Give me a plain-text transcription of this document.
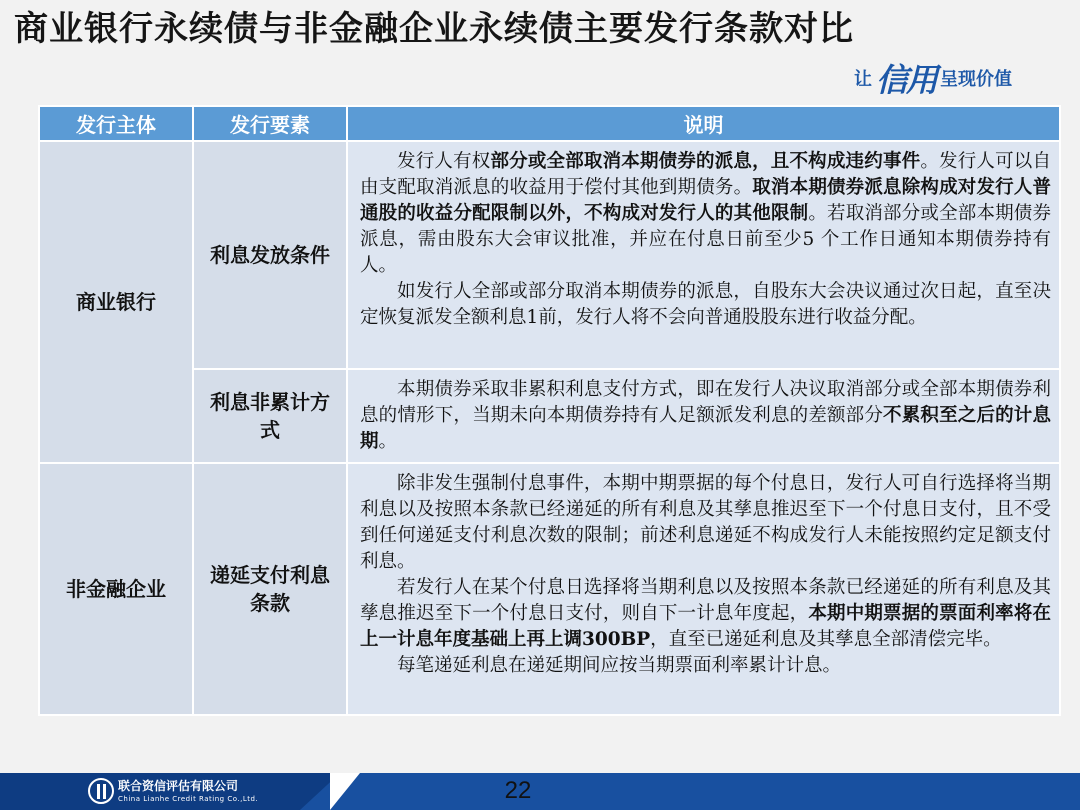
商业银行永续债与非金融企业永续债主要发行条款对比
让 信用 呈现价值
发行主体	发行要素	说明
商业银行	利息发放条件	发行人有权部分或全部取消本期债券的派息，且不构成违约事件。发行人可以自由支配取消派息的收益用于偿付其他到期债务。取消本期债券派息除构成对发行人普通股的收益分配限制以外，不构成对发行人的其他限制。若取消部分或全部本期债券派息，需由股东大会审议批准，并应在付息日前至少5 个工作日通知本期债券持有人。

如发行人全部或部分取消本期债券的派息，自股东大会决议通过次日起，直至决定恢复派发全额利息1前，发行人将不会向普通股股东进行收益分配。

	利息非累计方式	本期债券采取非累积利息支付方式，即在发行人决议取消部分或全部本期债券利息的情形下，当期未向本期债券持有人足额派发利息的差额部分不累积至之后的计息期。

非金融企业	递延支付利息条款	除非发生强制付息事件，本期中期票据的每个付息日，发行人可自行选择将当期利息以及按照本条款已经递延的所有利息及其孳息推迟至下一个付息日支付，且不受到任何递延支付利息次数的限制；前述利息递延不构成发行人未能按照约定足额支付利息。

若发行人在某个付息日选择将当期利息以及按照本条款已经递延的所有利息及其孳息推迟至下一个付息日支付，则自下一计息年度起，本期中期票据的票面利率将在上一计息年度基础上再上调300BP，直至已递延利息及其孳息全部清偿完毕。

每笔递延利息在递延期间应按当期票面利率累计计息。

联合资信评估有限公司
China Lianhe Credit Rating Co.,Ltd.	22
